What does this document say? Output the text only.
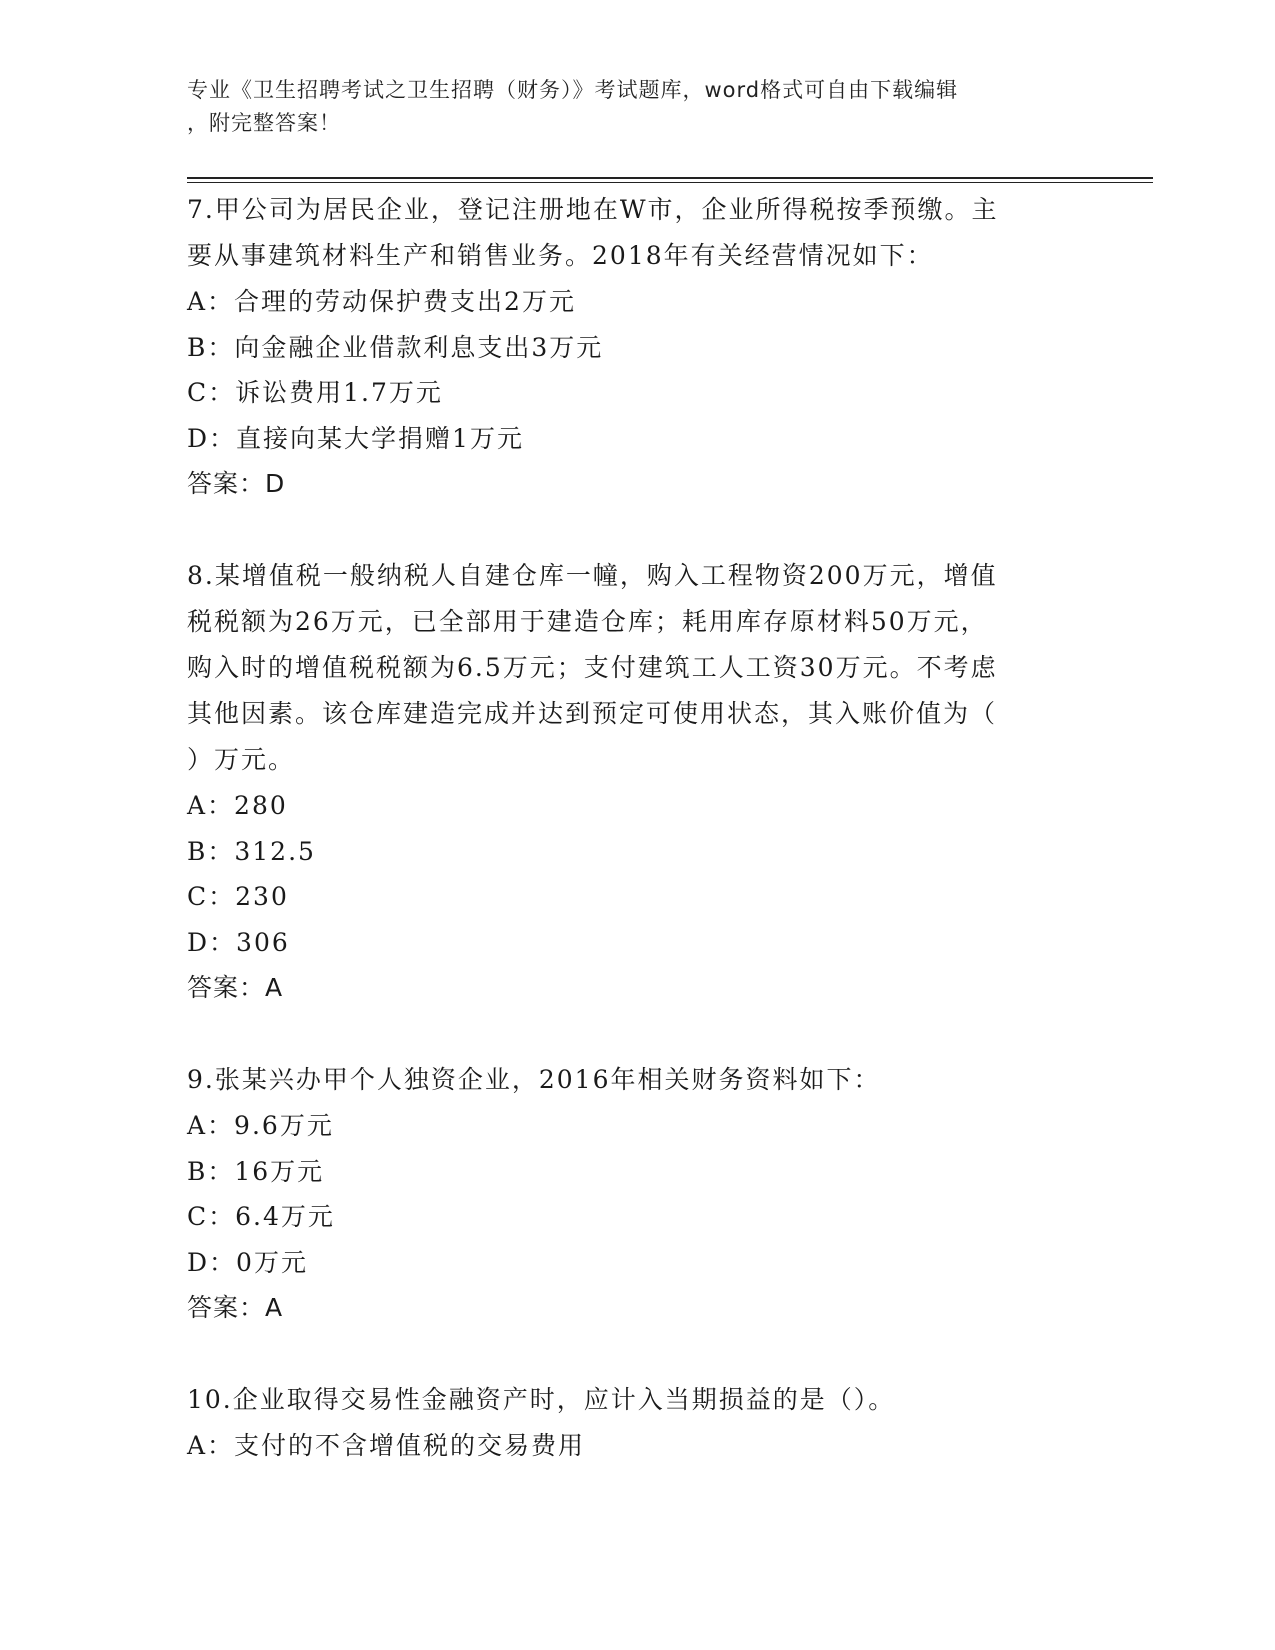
专业《卫生招聘考试之卫生招聘（财务）》考试题库，word格式可自由下载编辑
，附完整答案！

7.甲公司为居民企业，登记注册地在W市，企业所得税按季预缴。主

要从事建筑材料生产和销售业务。2018年有关经营情况如下：

A：合理的劳动保护费支出2万元

B：向金融企业借款利息支出3万元

C：诉讼费用1.7万元

D：直接向某大学捐赠1万元

答案：D

8.某增值税一般纳税人自建仓库一幢，购入工程物资200万元，增值

税税额为26万元，已全部用于建造仓库；耗用库存原材料50万元，

购入时的增值税税额为6.5万元；支付建筑工人工资30万元。不考虑

其他因素。该仓库建造完成并达到预定可使用状态，其入账价值为（

）万元。

A：280

B：312.5

C：230

D：306

答案：A

9.张某兴办甲个人独资企业，2016年相关财务资料如下：

A：9.6万元

B：16万元

C：6.4万元

D：0万元

答案：A

10.企业取得交易性金融资产时，应计入当期损益的是（）。

A：支付的不含增值税的交易费用
